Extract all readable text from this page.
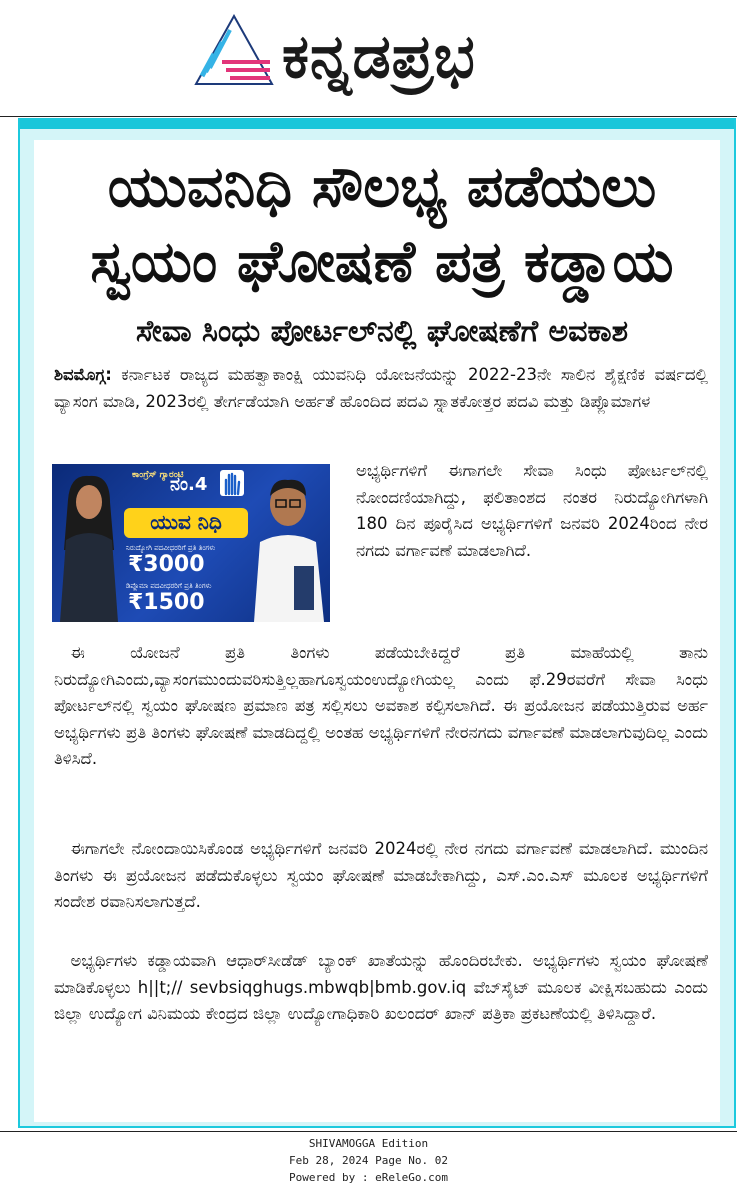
ಕನ್ನಡಪ್ರಭ
ಯುವನಿಧಿ ಸೌಲಭ್ಯ ಪಡೆಯಲು
ಸ್ವಯಂ ಘೋಷಣೆ ಪತ್ರ ಕಡ್ಡಾಯ
ಸೇವಾ ಸಿಂಧು ಪೋರ್ಟಲ್‌ನಲ್ಲಿ ಘೋಷಣೆಗೆ ಅವಕಾಶ
ಶಿವಮೊಗ್ಗ: ಕರ್ನಾಟಕ ರಾಜ್ಯದ ಮಹತ್ವಾಕಾಂಕ್ಷಿ ಯುವನಿಧಿ ಯೋಜನೆಯನ್ನು 2022-23ನೇ ಸಾಲಿನ ಶೈಕ್ಷಣಿಕ ವರ್ಷದಲ್ಲಿ ವ್ಯಾಸಂಗ ಮಾಡಿ, 2023ರಲ್ಲಿ ತೇರ್ಗಡೆಯಾಗಿ ಅರ್ಹತೆ ಹೊಂದಿದ ಪದವಿ ಸ್ನಾತಕೋತ್ತರ ಪದವಿ ಮತ್ತು ಡಿಪ್ಲೊಮಾಗಳ
ಕಾಂಗ್ರೆಸ್ ಗ್ಯಾರಂಟಿ
ನಂ.4
ಯುವ ನಿಧಿ
ನಿರುದ್ಯೋಗಿ ಪದವೀಧರರಿಗೆ ಪ್ರತಿ ತಿಂಗಳು
₹3000
ಡಿಪ್ಲೊಮಾ ಪದವೀಧರರಿಗೆ ಪ್ರತಿ ತಿಂಗಳು
₹1500
ಅಭ್ಯರ್ಥಿಗಳಿಗೆ ಈಗಾಗಲೇ ಸೇವಾ ಸಿಂಧು ಪೋರ್ಟಲ್‌ನಲ್ಲಿ ನೋಂದಣಿಯಾಗಿದ್ದು, ಫಲಿತಾಂಶದ ನಂತರ ನಿರುದ್ಯೋಗಿಗಳಾಗಿ 180 ದಿನ ಪೂರೈಸಿದ ಅಭ್ಯರ್ಥಿಗಳಿಗೆ ಜನವರಿ 2024ರಿಂದ ನೇರ ನಗದು ವರ್ಗಾವಣೆ ಮಾಡಲಾಗಿದೆ.
 ಈ ಯೋಜನೆ ಪ್ರತಿ ತಿಂಗಳು ಪಡೆಯಬೇಕಿದ್ದರೆ ಪ್ರತಿ ಮಾಹೆಯಲ್ಲಿ ತಾನು ನಿರುದ್ಯೋಗಿಎಂದು,ವ್ಯಾಸಂಗಮುಂದುವರಿಸುತ್ತಿಲ್ಲಹಾಗೂಸ್ವಯಂಉದ್ಯೋಗಿಯಲ್ಲ ಎಂದು ಫೆ.29ರವರೆಗೆ ಸೇವಾ ಸಿಂಧು ಪೋರ್ಟಲ್‌ನಲ್ಲಿ ಸ್ವಯಂ ಘೋಷಣ ಪ್ರಮಾಣ ಪತ್ರ ಸಲ್ಲಿಸಲು ಅವಕಾಶ ಕಲ್ಪಿಸಲಾಗಿದೆ. ಈ ಪ್ರಯೋಜನ ಪಡೆಯುತ್ತಿರುವ ಅರ್ಹ ಅಭ್ಯರ್ಥಿಗಳು ಪ್ರತಿ ತಿಂಗಳು ಘೋಷಣೆ ಮಾಡದಿದ್ದಲ್ಲಿ ಅಂತಹ ಅಭ್ಯರ್ಥಿಗಳಿಗೆ ನೇರನಗದು ವರ್ಗಾವಣೆ ಮಾಡಲಾಗುವುದಿಲ್ಲ ಎಂದು ತಿಳಿಸಿದೆ.
 ಈಗಾಗಲೇ ನೋಂದಾಯಿಸಿಕೊಂಡ ಅಭ್ಯರ್ಥಿಗಳಿಗೆ ಜನವರಿ 2024ರಲ್ಲಿ ನೇರ ನಗದು ವರ್ಗಾವಣೆ ಮಾಡಲಾಗಿದೆ. ಮುಂದಿನ ತಿಂಗಳು ಈ ಪ್ರಯೋಜನ ಪಡೆದುಕೊಳ್ಳಲು ಸ್ವಯಂ ಘೋಷಣೆ ಮಾಡಬೇಕಾಗಿದ್ದು, ಎಸ್.ಎಂ.ಎಸ್ ಮೂಲಕ ಅಭ್ಯರ್ಥಿಗಳಿಗೆ ಸಂದೇಶ ರವಾನಿಸಲಾಗುತ್ತದೆ.
 ಅಭ್ಯರ್ಥಿಗಳು ಕಡ್ಡಾಯವಾಗಿ ಆಧಾರ್‌ಸೀಡೆಡ್ ಬ್ಯಾಂಕ್ ಖಾತೆಯನ್ನು ಹೊಂದಿರಬೇಕು. ಅಭ್ಯರ್ಥಿಗಳು ಸ್ವಯಂ ಘೋಷಣೆ ಮಾಡಿಕೊಳ್ಳಲು h||t;// sevbsiqghugs.mbwqb|bmb.gov.iq ವೆಬ್‌ಸೈಟ್ ಮೂಲಕ ವೀಕ್ಷಿಸಬಹುದು ಎಂದು ಜಿಲ್ಲಾ ಉದ್ಯೋಗ ವಿನಿಮಯ ಕೇಂದ್ರದ ಜಿಲ್ಲಾ ಉದ್ಯೋಗಾಧಿಕಾರಿ ಖಲಂದರ್ ಖಾನ್ ಪತ್ರಿಕಾ ಪ್ರಕಟಣೆಯಲ್ಲಿ ತಿಳಿಸಿದ್ದಾರೆ.
SHIVAMOGGA Edition
Feb 28, 2024 Page No. 02
Powered by : eReleGo.com
